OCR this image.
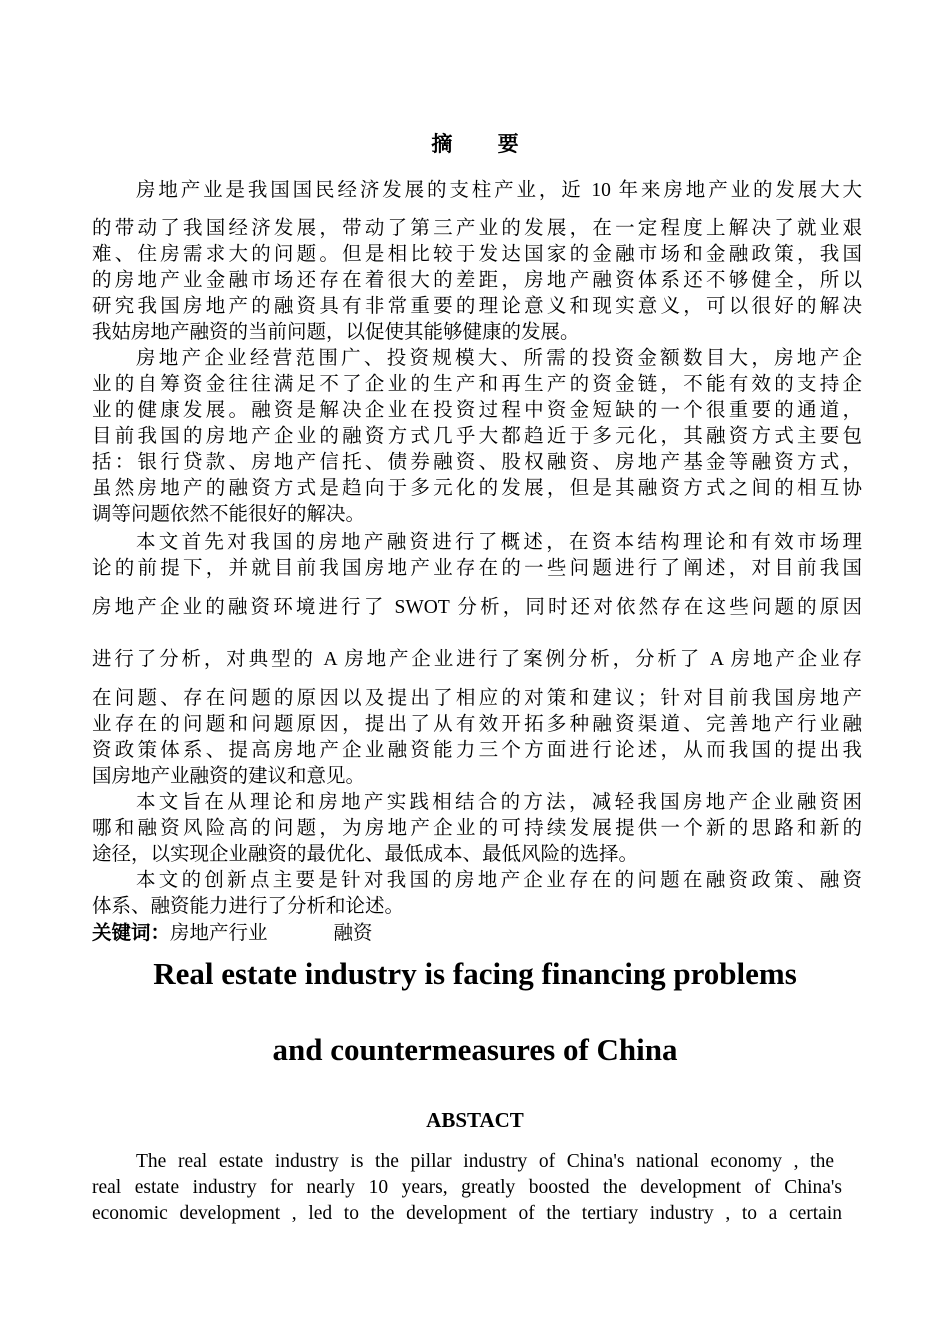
摘 要
房地产业是我国国民经济发展的支柱产业，近 10 年来房地产业的发展大大
的带动了我国经济发展，带动了第三产业的发展，在一定程度上解决了就业艰
难、住房需求大的问题。但是相比较于发达国家的金融市场和金融政策，我国
的房地产业金融市场还存在着很大的差距，房地产融资体系还不够健全，所以
研究我国房地产的融资具有非常重要的理论意义和现实意义，可以很好的解决
我姑房地产融资的当前问题，以促使其能够健康的发展。
房地产企业经营范围广、投资规模大、所需的投资金额数目大，房地产企
业的自筹资金往往满足不了企业的生产和再生产的资金链，不能有效的支持企
业的健康发展。融资是解决企业在投资过程中资金短缺的一个很重要的通道，
目前我国的房地产企业的融资方式几乎大都趋近于多元化，其融资方式主要包
括：银行贷款、房地产信托、债券融资、股权融资、房地产基金等融资方式，
虽然房地产的融资方式是趋向于多元化的发展，但是其融资方式之间的相互协
调等问题依然不能很好的解决。
本文首先对我国的房地产融资进行了概述，在资本结构理论和有效市场理
论的前提下，并就目前我国房地产业存在的一些问题进行了阐述，对目前我国
房地产企业的融资环境进行了 SWOT 分析，同时还对依然存在这些问题的原因
进行了分析，对典型的 A 房地产企业进行了案例分析，分析了 A 房地产企业存
在问题、存在问题的原因以及提出了相应的对策和建议；针对目前我国房地产
业存在的问题和问题原因，提出了从有效开拓多种融资渠道、完善地产行业融
资政策体系、提高房地产企业融资能力三个方面进行论述，从而我国的提出我
国房地产业融资的建议和意见。
本文旨在从理论和房地产实践相结合的方法，减轻我国房地产企业融资困
哪和融资风险高的问题，为房地产企业的可持续发展提供一个新的思路和新的
途径，以实现企业融资的最优化、最低成本、最低风险的选择。
本文的创新点主要是针对我国的房地产企业存在的问题在融资政策、融资
体系、融资能力进行了分析和论述。
关键词：房地产行业	融资
Real estate industry is facing financing problems
and countermeasures of China
ABSTACT
The real estate industry is the pillar industry of China's national economy , the
real estate industry for nearly 10 years, greatly boosted the development of China's
economic development , led to the development of the tertiary industry , to a certain
